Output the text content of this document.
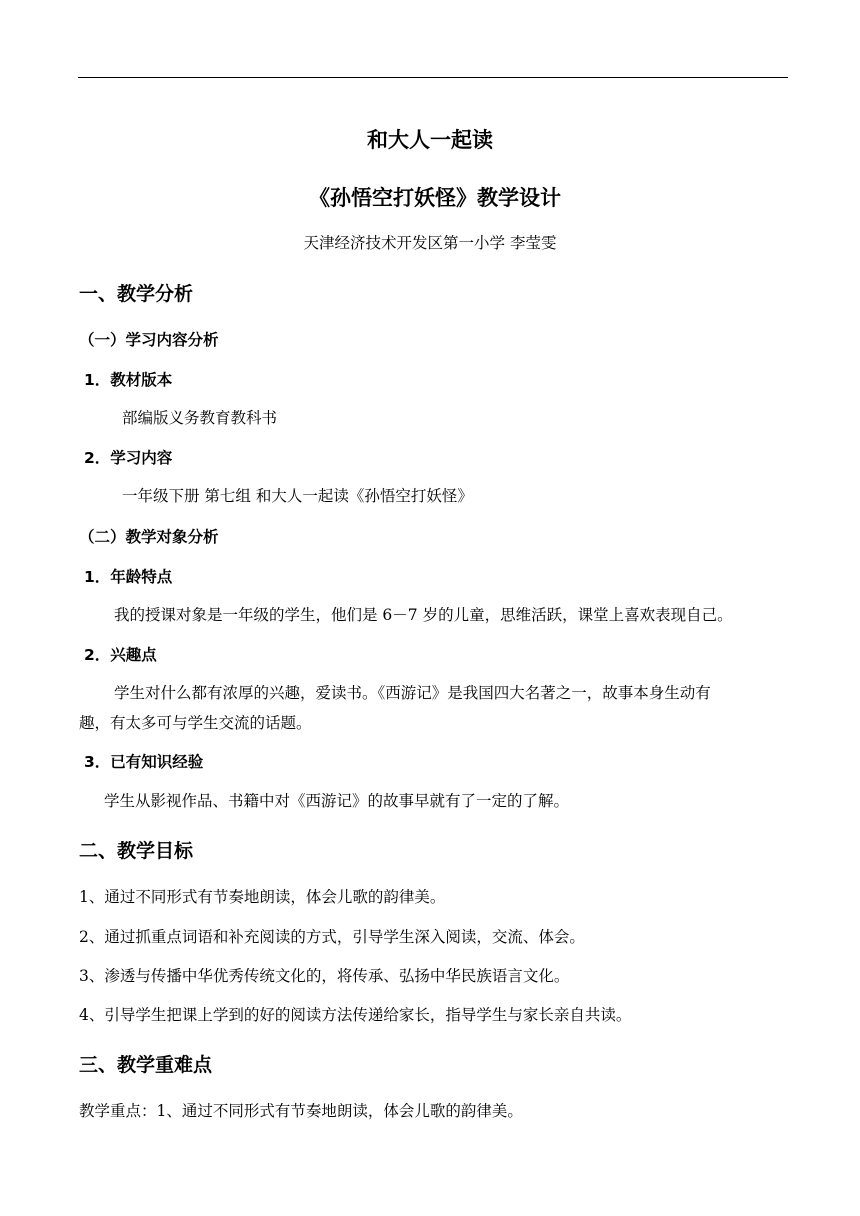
和大人一起读
《孙悟空打妖怪》教学设计
天津经济技术开发区第一小学 李莹雯
一、教学分析
（一）学习内容分析
1．教材版本
部编版义务教育教科书
2．学习内容
一年级下册 第七组 和大人一起读《孙悟空打妖怪》
（二）教学对象分析
1．年龄特点
我的授课对象是一年级的学生，他们是 6－7 岁的儿童，思维活跃，课堂上喜欢表现自己。
2．兴趣点
学生对什么都有浓厚的兴趣，爱读书。《西游记》是我国四大名著之一，故事本身生动有
趣，有太多可与学生交流的话题。
3．已有知识经验
学生从影视作品、书籍中对《西游记》的故事早就有了一定的了解。
二、教学目标
1、通过不同形式有节奏地朗读，体会儿歌的韵律美。
2、通过抓重点词语和补充阅读的方式，引导学生深入阅读，交流、体会。
3、渗透与传播中华优秀传统文化的，将传承、弘扬中华民族语言文化。
4、引导学生把课上学到的好的阅读方法传递给家长，指导学生与家长亲自共读。
三、教学重难点
教学重点：1、通过不同形式有节奏地朗读，体会儿歌的韵律美。
